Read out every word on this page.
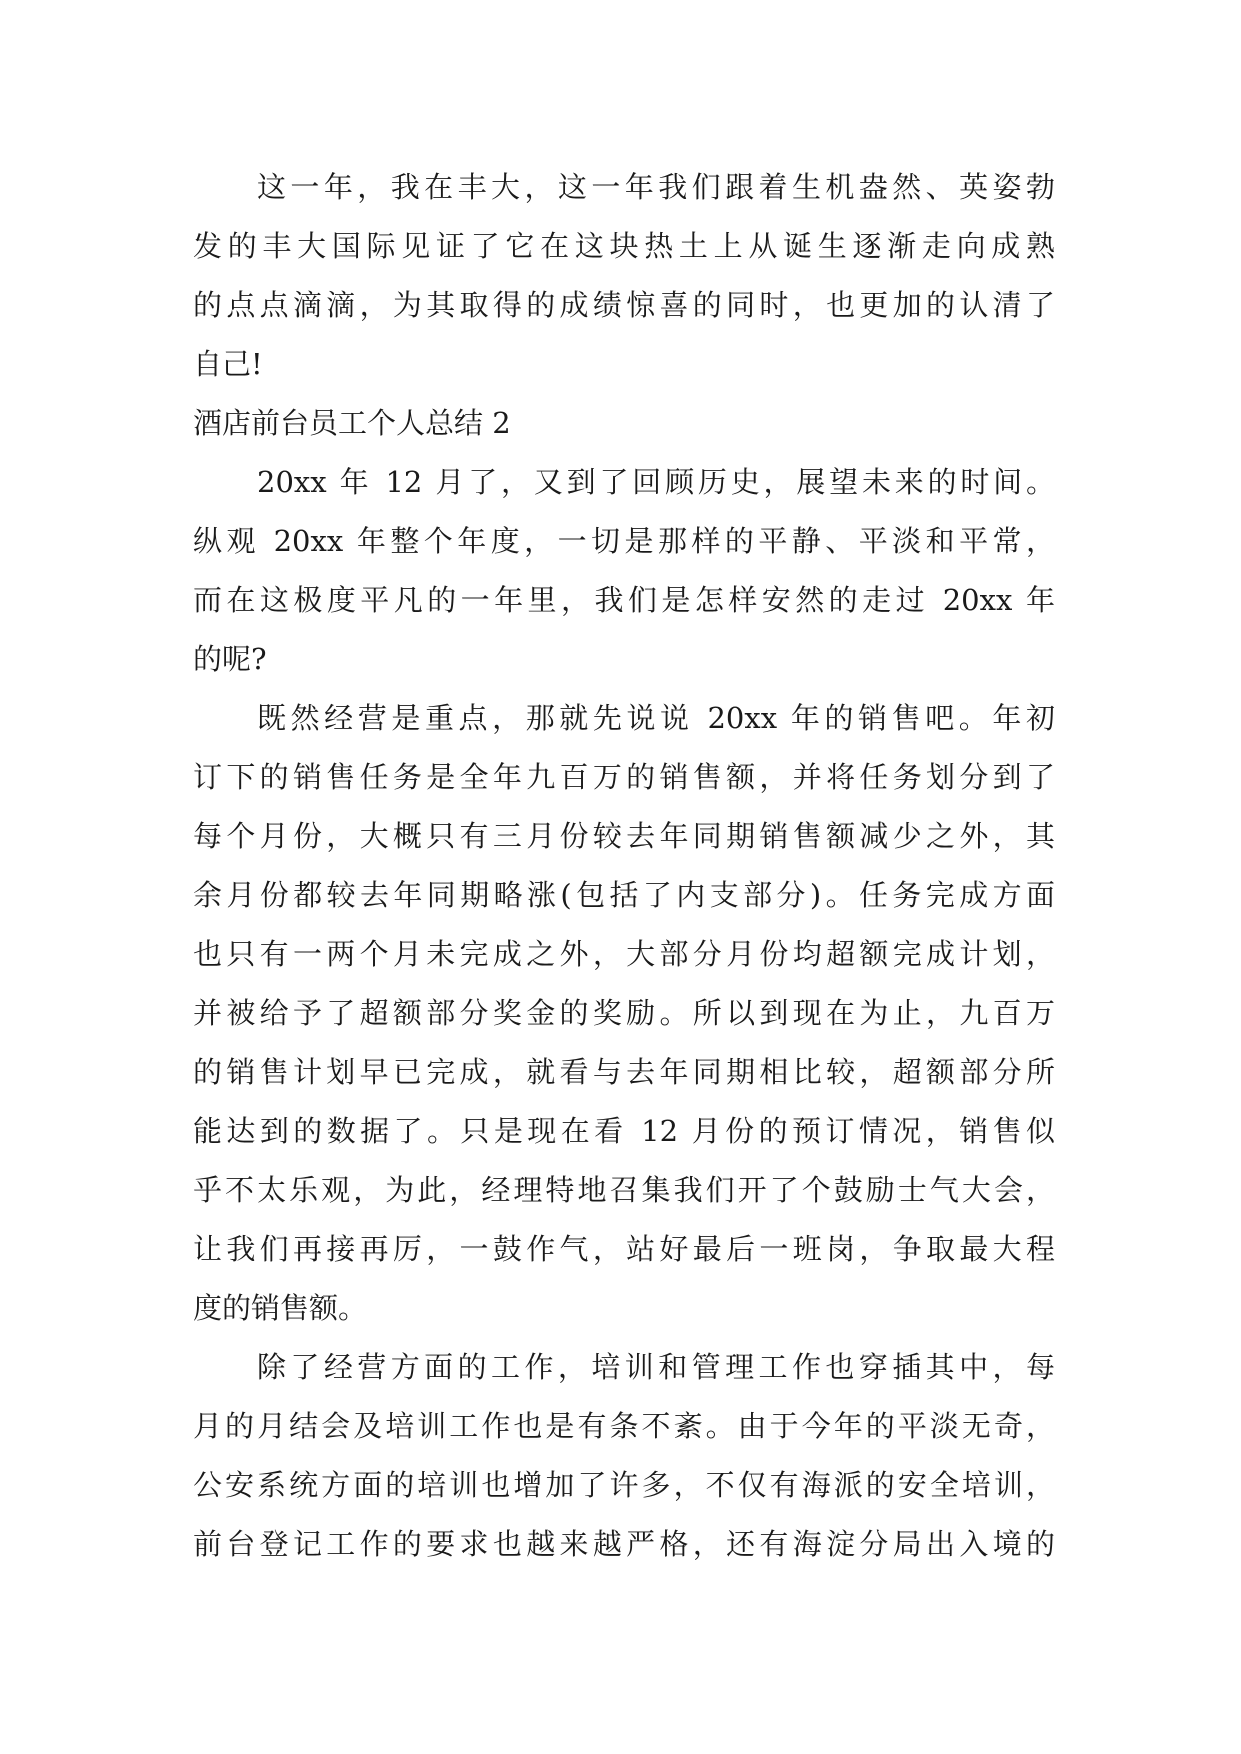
这一年，我在丰大，这一年我们跟着生机盎然、英姿勃
发的丰大国际见证了它在这块热土上从诞生逐渐走向成熟
的点点滴滴，为其取得的成绩惊喜的同时，也更加的认清了
自己!
酒店前台员工个人总结 2
20xx 年 12 月了，又到了回顾历史，展望未来的时间。
纵观 20xx 年整个年度，一切是那样的平静、平淡和平常，
而在这极度平凡的一年里，我们是怎样安然的走过 20xx 年
的呢?
既然经营是重点，那就先说说 20xx 年的销售吧。年初
订下的销售任务是全年九百万的销售额，并将任务划分到了
每个月份，大概只有三月份较去年同期销售额减少之外，其
余月份都较去年同期略涨(包括了内支部分)。任务完成方面
也只有一两个月未完成之外，大部分月份均超额完成计划，
并被给予了超额部分奖金的奖励。所以到现在为止，九百万
的销售计划早已完成，就看与去年同期相比较，超额部分所
能达到的数据了。只是现在看 12 月份的预订情况，销售似
乎不太乐观，为此，经理特地召集我们开了个鼓励士气大会，
让我们再接再厉，一鼓作气，站好最后一班岗，争取最大程
度的销售额。
除了经营方面的工作，培训和管理工作也穿插其中，每
月的月结会及培训工作也是有条不紊。由于今年的平淡无奇，
公安系统方面的培训也增加了许多，不仅有海派的安全培训，
前台登记工作的要求也越来越严格，还有海淀分局出入境的
